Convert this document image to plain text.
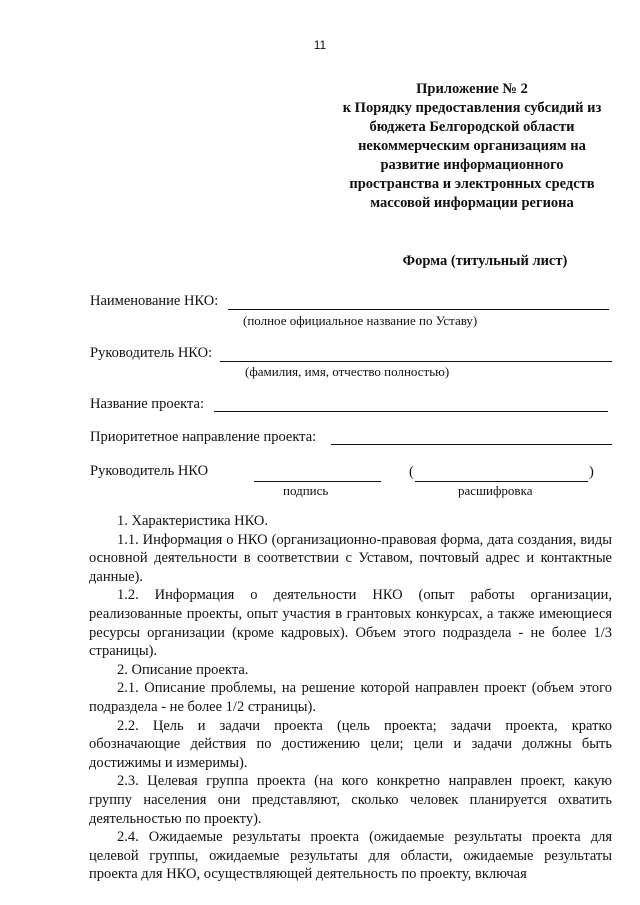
11
Приложение № 2
к Порядку предоставления субсидий из
бюджета Белгородской области
некоммерческим организациям на
развитие информационного
пространства и электронных средств
массовой информации региона
Форма (титульный лист)
Наименование НКО:
(полное официальное название по Уставу)
Руководитель НКО:
(фамилия, имя, отчество полностью)
Название проекта:
Приоритетное направление проекта:
Руководитель НКО	(	)
подпись	расшифровка

1. Характеристика НКО.

1.1. Информация о НКО (организационно-правовая форма, дата создания, виды основной деятельности в соответствии с Уставом, почтовый адрес и контактные данные).

1.2. Информация о деятельности НКО (опыт работы организации, реализованные проекты, опыт участия в грантовых конкурсах, а также имеющиеся ресурсы организации (кроме кадровых). Объем этого подраздела - не более 1/3 страницы).

2. Описание проекта.

2.1. Описание проблемы, на решение которой направлен проект (объем этого подраздела - не более 1/2 страницы).

2.2. Цель и задачи проекта (цель проекта; задачи проекта, кратко обозначающие действия по достижению цели; цели и задачи должны быть достижимы и измеримы).

2.3. Целевая группа проекта (на кого конкретно направлен проект, какую группу населения они представляют, сколько человек планируется охватить деятельностью по проекту).

2.4. Ожидаемые результаты проекта (ожидаемые результаты проекта для целевой группы, ожидаемые результаты для области, ожидаемые результаты проекта для НКО, осуществляющей деятельность по проекту, включая
